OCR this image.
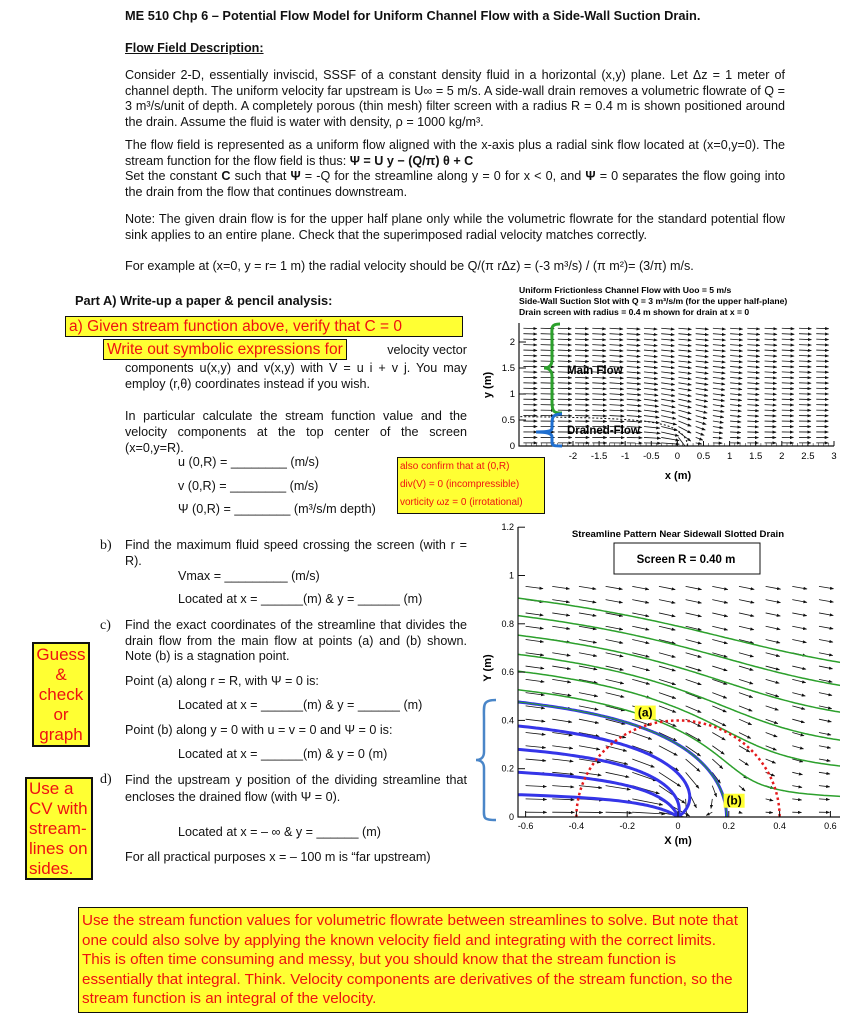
ME 510 Chp 6 – Potential Flow Model for Uniform Channel Flow with a Side-Wall Suction Drain.
Flow Field Description:
Consider 2-D, essentially inviscid, SSSF of a constant density fluid in a horizontal (x,y) plane. Let Δz = 1 meter of channel depth. The uniform velocity far upstream is U∞ = 5 m/s. A side-wall drain removes a volumetric flowrate of Q = 3 m³/s/unit of depth. A completely porous (thin mesh) filter screen with a radius R = 0.4 m is shown positioned around the drain. Assume the fluid is water with density, ρ = 1000 kg/m³.
The flow field is represented as a uniform flow aligned with the x-axis plus a radial sink flow located at (x=0,y=0). The stream function for the flow field is thus: Ψ = U y − (Q/π) θ + C
Set the constant C such that Ψ = -Q for the streamline along y = 0 for x < 0, and Ψ = 0 separates the flow going into the drain from the flow that continues downstream.
Note: The given drain flow is for the upper half plane only while the volumetric flowrate for the standard potential flow sink applies to an entire plane. Check that the superimposed radial velocity matches correctly.
For example at (x=0, y = r= 1 m) the radial velocity should be Q/(π rΔz) = (-3 m³/s) / (π m²)= (3/π) m/s.
Part A) Write-up a paper & pencil analysis:
a) Given stream function above, verify that C = 0
velocity vector
Write out symbolic expressions for
components u(x,y) and v(x,y) with V = u i + v j. You may employ (r,θ) coordinates instead if you wish.
In particular calculate the stream function value and the velocity components at the top center of the screen (x=0,y=R).
u (0,R) = ________ (m/s)
v (0,R) = ________ (m/s)
Ψ (0,R) = ________ (m³/s/m depth)
also confirm that at (0,R)
div(V) = 0 (incompressible)
vorticity ωz = 0 (irrotational)
b) Find the maximum fluid speed crossing the screen (with r = R).
Vmax = _________ (m/s)
Located at x = ______(m) & y = ______ (m)
c) Find the exact coordinates of the streamline that divides the drain flow from the main flow at points (a) and (b) shown. Note (b) is a stagnation point.
Point (a) along r = R, with Ψ = 0 is:
Located at x = ______(m) & y = ______ (m)
Point (b) along y = 0 with u = v = 0 and Ψ = 0 is:
Located at x = ______(m) & y = 0 (m)
d) Find the upstream y position of the dividing streamline that encloses the drained flow (with Ψ = 0).
Located at x = – ∞ & y = ______ (m)
For all practical purposes x = – 100 m is “far upstream)
Guess & check or graph
Use a CV with stream-lines on sides.
Use the stream function values for volumetric flowrate between streamlines to solve. But note that one could also solve by applying the known velocity field and integrating with the correct limits. This is often time consuming and messy, but you should know that the stream function is essentially that integral. Think. Velocity components are derivatives of the stream function, so the stream function is an integral of the velocity.
Uniform Frictionless Channel Flow with Uoo = 5 m/s
Side-Wall Suction Slot with Q = 3 m³/s/m (for the upper half-plane)
Drain screen with radius = 0.4 m shown for drain at x = 0
-2 -1.5 -1 -0.5 0 0.5 1 1.5 2 2.5 3
0
0.5
1
1.5
2
Main Flow
Drained-Flow
x (m)
y (m)
-0.6	-0.4	-0.2	0	0.2	0.4	0.6
0
0.2
0.4
0.6
0.8
1
1.2
(a)
(b)
Streamline Pattern Near Sidewall Slotted Drain
Screen R = 0.40 m
X (m)
Y (m)
